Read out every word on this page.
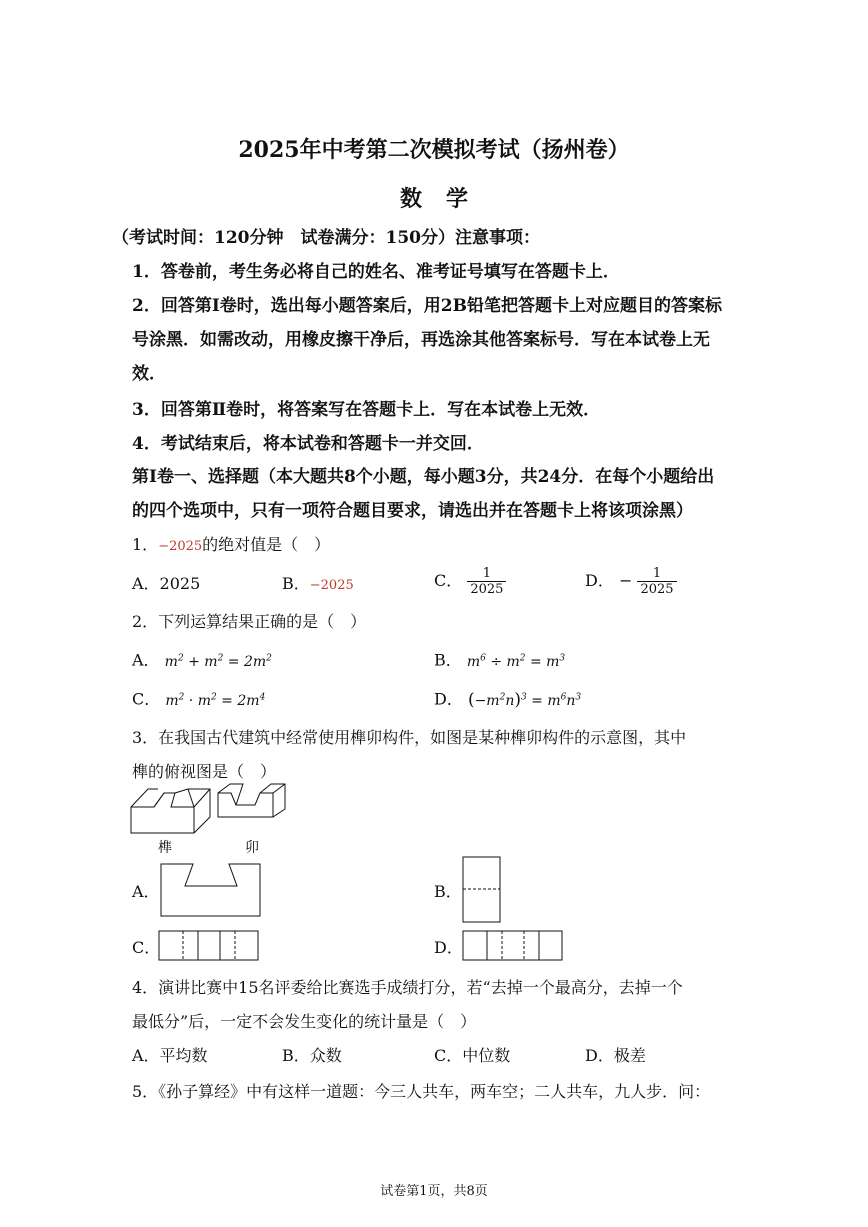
2025年中考第二次模拟考试（扬州卷）
数学
（考试时间：120分钟　试卷满分：150分）注意事项：
1．答卷前，考生务必将自己的姓名、准考证号填写在答题卡上．
2．回答第Ⅰ卷时，选出每小题答案后，用2B铅笔把答题卡上对应题目的答案标
号涂黑．如需改动，用橡皮擦干净后，再选涂其他答案标号．写在本试卷上无
效．
3．回答第Ⅱ卷时，将答案写在答题卡上．写在本试卷上无效．
4．考试结束后，将本试卷和答题卡一并交回．
第Ⅰ卷一、选择题（本大题共8个小题，每小题3分，共24分．在每个小题给出
的四个选项中，只有一项符合题目要求，请选出并在答题卡上将该项涂黑）
1．−2025的绝对值是（　）
A．2025	B．−2025	C． $\frac{1}{2025}$	D． − $\frac{1}{2025}$
2．下列运算结果正确的是（　）
A． $m^2 + m^2 = 2m^2$	B． $m^6 \div m^2 = m^3$
C． $m^2 \cdot m^2 = 2m^4$	D． $(-m^2n)^3 = m^6n^3$
3．在我国古代建筑中经常使用榫卯构件，如图是某种榫卯构件的示意图，其中
榫的俯视图是（　）
榫	卯
A．	B．
C．	D．
4．演讲比赛中15名评委给比赛选手成绩打分，若“去掉一个最高分，去掉一个
最低分”后，一定不会发生变化的统计量是（　）
A．平均数	B．众数	C．中位数	D．极差
5．《孙子算经》中有这样一道题：今三人共车，两车空；二人共车，九人步．问：
试卷第1页，共8页
